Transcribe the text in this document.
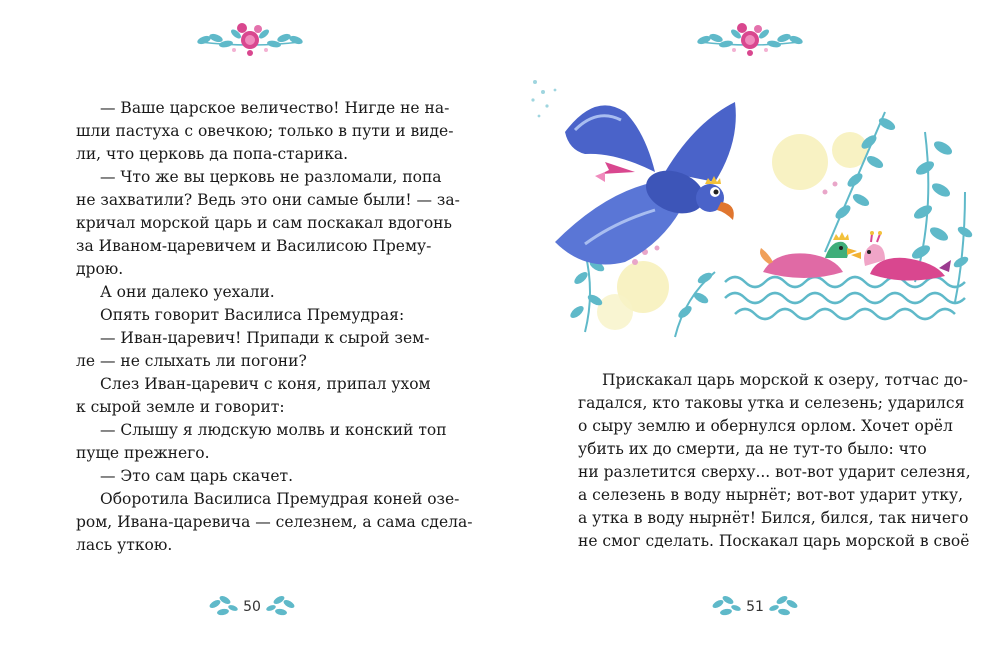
— Ваше царское величество! Нигде не на-
шли пастуха с овечкою; только в пути и виде-
ли, что церковь да попа-старика.
— Что же вы церковь не разломали, попа
не захватили? Ведь это они самые были! — за-
кричал морской царь и сам поскакал вдогонь
за Иваном-царевичем и Василисою Прему-
дрою.
А они далеко уехали.
Опять говорит Василиса Премудрая:
— Иван-царевич! Припади к сырой зем-
ле — не слыхать ли погони?
Слез Иван-царевич с коня, припал ухом
к сырой земле и говорит:
— Слышу я людскую молвь и конский топ
пуще прежнего.
— Это сам царь скачет.
Оборотила Василиса Премудрая коней озе-
ром, Ивана-царевича — селезнем, а сама сдела-
лась уткою.
50
Прискакал царь морской к озеру, тотчас до-
гадался, кто таковы утка и селезень; ударился
о сыру землю и обернулся орлом. Хочет орёл
убить их до смерти, да не тут-то было: что
ни разлетится сверху... вот-вот ударит селезня,
а селезень в воду нырнёт; вот-вот ударит утку,
а утка в воду нырнёт! Бился, бился, так ничего
не смог сделать. Поскакал царь морской в своё
51
